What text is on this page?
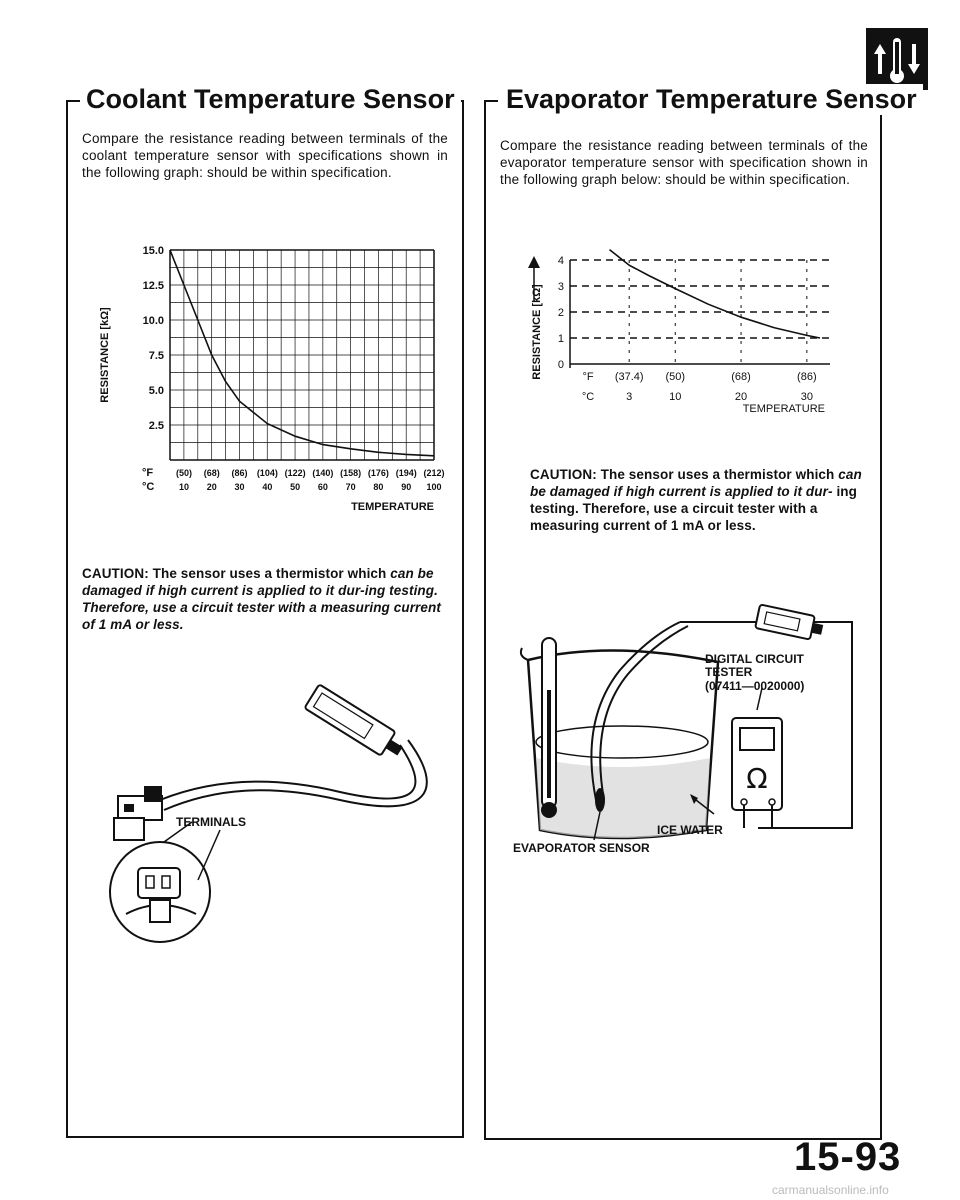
Coolant Temperature Sensor
Compare the resistance reading between terminals of the coolant temperature sensor with specifications shown in the following graph: should be within specification.
15.0
12.5
10.0
7.5
5.0
2.5
°F
°C
(50) (68) (86) (104) (122) (140) (158) (176) (194) (212)
10 20 30 40 50 60 70 80 90 100
TEMPERATURE
RESISTANCE [kΩ]
CAUTION: The sensor uses a thermistor which can be damaged if high current is applied to it dur-ing testing. Therefore, use a circuit tester with a measuring current of 1 mA or less.
TERMINALS
Evaporator Temperature Sensor
Compare the resistance reading between terminals of the evaporator temperature sensor with specification shown in the following graph below: should be within specification.
4
3
2
1
0
°F
°C
(37.4) (50)	(68)	(86)
3	10	20	30
TEMPERATURE
RESISTANCE [kΩ]
CAUTION: The sensor uses a thermistor which can be damaged if high current is applied to it dur- ing testing. Therefore, use a circuit tester with a measuring current of 1 mA or less.
Ω
DIGITAL CIRCUIT
TESTER
(07411—0020000)
ICE WATER
EVAPORATOR SENSOR
15-93
carmanualsonline.info
